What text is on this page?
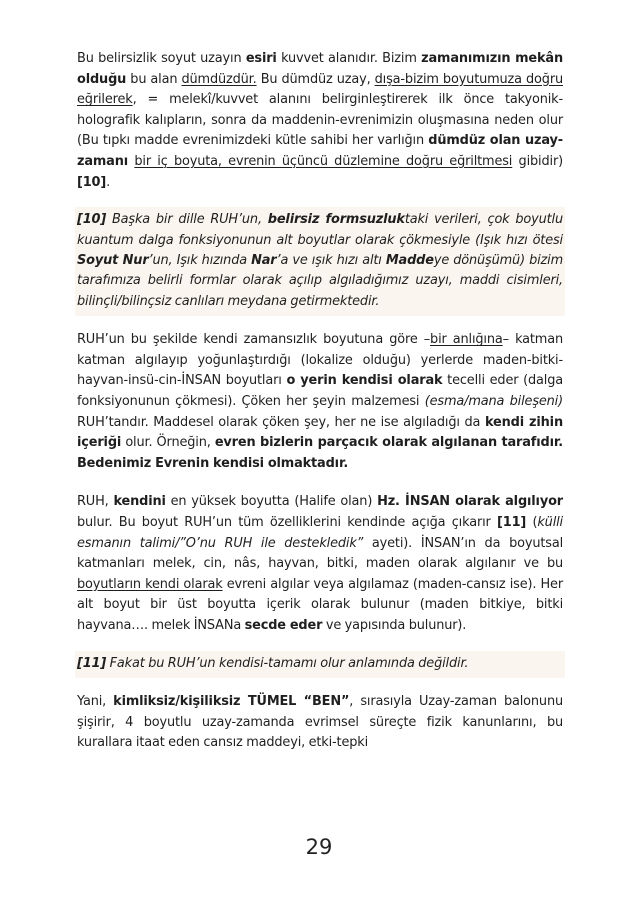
Bu belirsizlik soyut uzayın esiri kuvvet alanıdır. Bizim zamanımızın mekân olduğu bu alan dümdüzdür. Bu dümdüz uzay, dışa-bizim boyutumuza doğru eğrilerek, = melekî/kuvvet alanını belirginleştirerek ilk önce takyonik-holografik kalıpların, sonra da maddenin-evrenimizin oluşmasına neden olur (Bu tıpkı madde evrenimizdeki kütle sahibi her varlığın dümdüz olan uzay-zamanı bir iç boyuta, evrenin üçüncü düzlemine doğru eğriltmesi gibidir) [10].

[10] Başka bir dille RUH’un, belirsiz formsuzluktaki verileri, çok boyutlu kuantum dalga fonksiyonunun alt boyutlar olarak çökmesiyle (Işık hızı ötesi Soyut Nur’un, Işık hızında Nar’a ve ışık hızı altı Maddeye dönüşümü) bizim tarafımıza belirli formlar olarak açılıp algıladığımız uzayı, maddi cisimleri, bilinçli/bilinçsiz canlıları meydana getirmektedir.

RUH’un bu şekilde kendi zamansızlık boyutuna göre –bir anlığına– katman katman algılayıp yoğunlaştırdığı (lokalize olduğu) yerlerde maden-bitki-hayvan-insü-cin-İNSAN boyutları o yerin kendisi olarak tecelli eder (dalga fonksiyonunun çökmesi). Çöken her şeyin malzemesi (esma/mana bileşeni) RUH’tandır. Maddesel olarak çöken şey, her ne ise algıladığı da kendi zihin içeriği olur. Örneğin, evren bizlerin parçacık olarak algılanan tarafıdır. Bedenimiz Evrenin kendisi olmaktadır.

RUH, kendini en yüksek boyutta (Halife olan) Hz. İNSAN olarak algılıyor bulur. Bu boyut RUH’un tüm özelliklerini kendinde açığa çıkarır [11] (külli esmanın talimi/”O’nu RUH ile destekledik” ayeti). İNSAN’ın da boyutsal katmanları melek, cin, nâs, hayvan, bitki, maden olarak algılanır ve bu boyutların kendi olarak evreni algılar veya algılamaz (maden-cansız ise). Her alt boyut bir üst boyutta içerik olarak bulunur (maden bitkiye, bitki hayvana…. melek İNSANa secde eder ve yapısında bulunur).

[11] Fakat bu RUH’un kendisi-tamamı olur anlamında değildir.

Yani, kimliksiz/kişiliksiz TÜMEL “BEN”, sırasıyla Uzay-zaman balonunu şişirir, 4 boyutlu uzay-zamanda evrimsel süreçte fizik kanunlarını, bu kurallara itaat eden cansız maddeyi, etki-tepki

29
